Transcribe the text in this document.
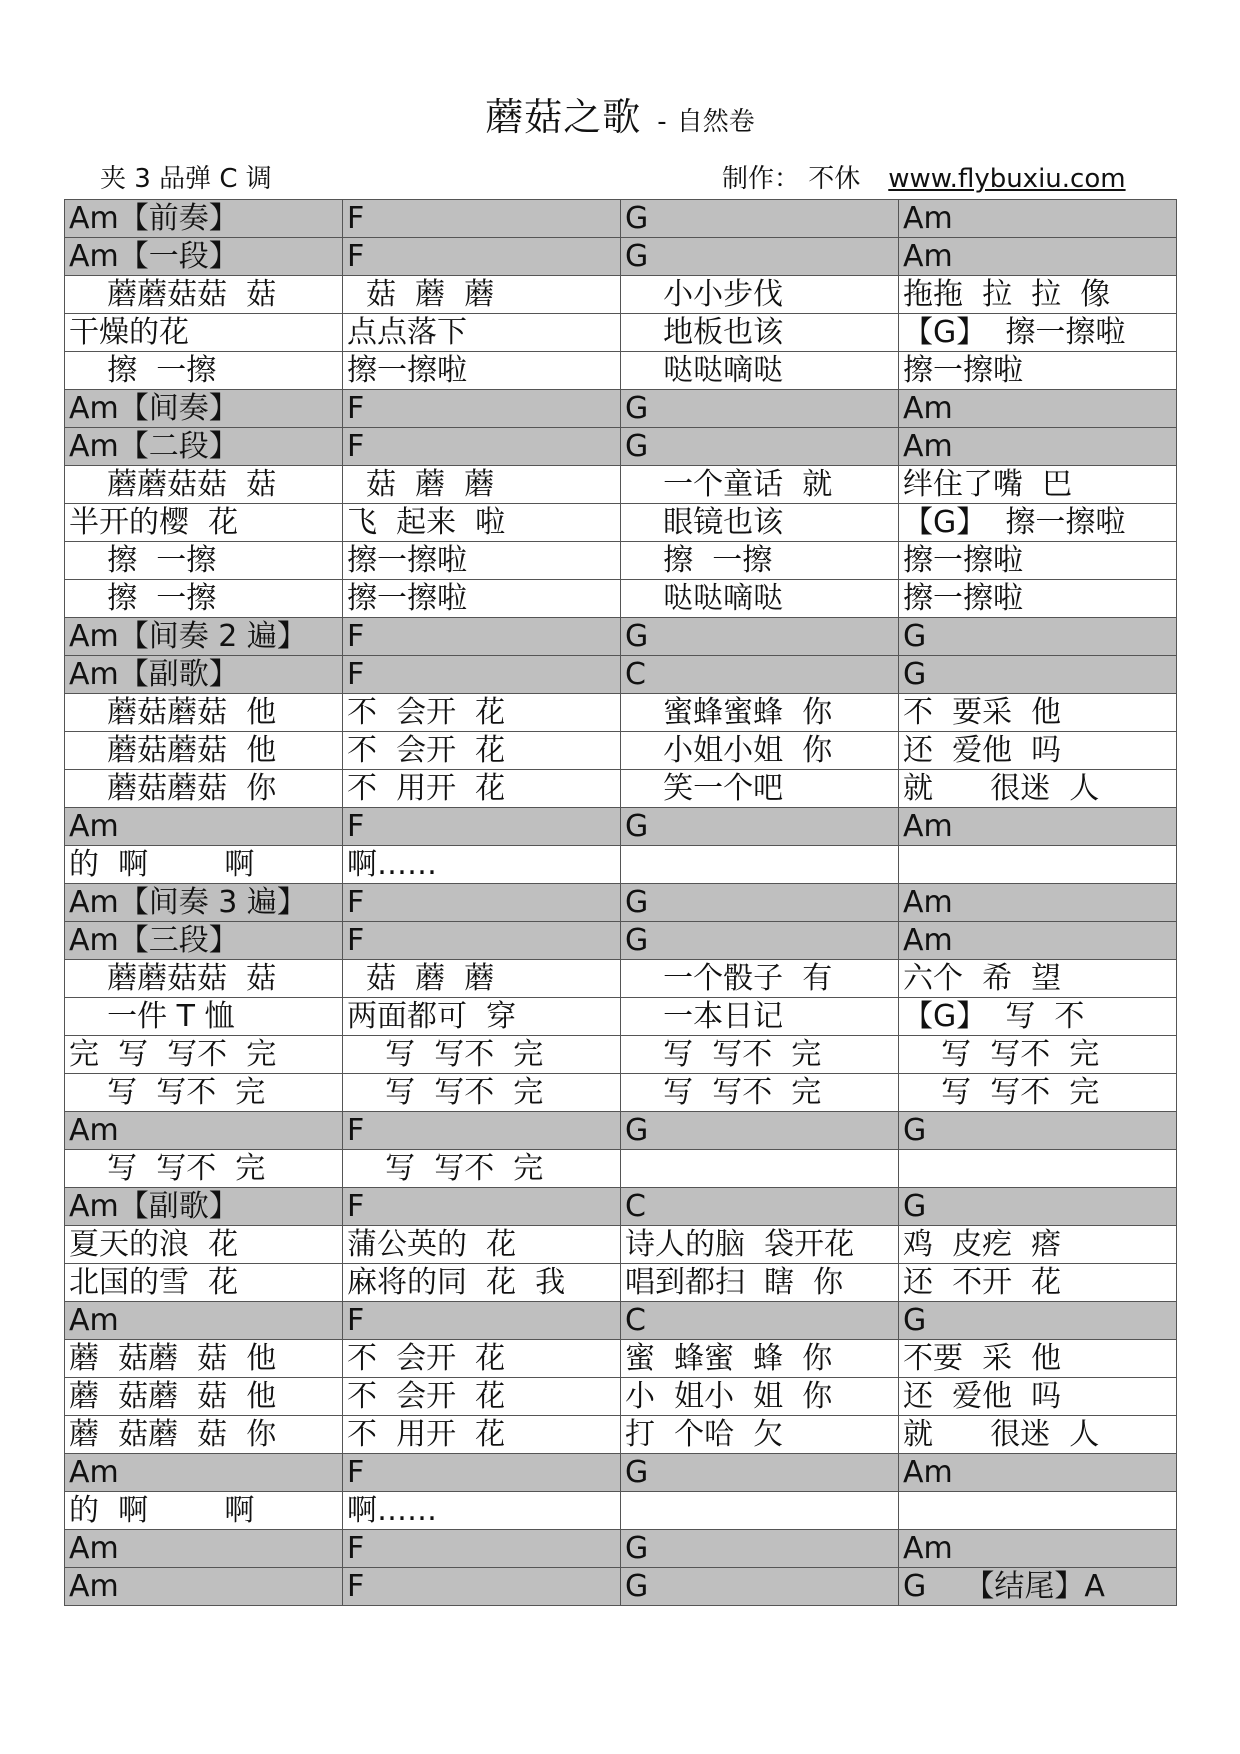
蘑菇之歌 - 自然卷
夹 3 品弹 C 调	制作： 不休 www.flybuxiu.com
Am【前奏】	F	G	Am
Am【一段】	F	G	Am
蘑蘑菇菇  菇	菇  蘑  蘑	小小步伐	拖拖  拉  拉  像
干燥的花	点点落下	地板也该	【G】  擦一擦啦
擦  一擦	擦一擦啦	哒哒嘀哒	擦一擦啦
Am【间奏】	F	G	Am
Am【二段】	F	G	Am
蘑蘑菇菇  菇	菇  蘑  蘑	一个童话  就	绊住了嘴  巴
半开的樱  花	飞  起来  啦	眼镜也该	【G】  擦一擦啦
擦  一擦	擦一擦啦	擦  一擦	擦一擦啦
擦  一擦	擦一擦啦	哒哒嘀哒	擦一擦啦
Am【间奏 2 遍】	F	G	G
Am【副歌】	F	C	G
蘑菇蘑菇  他	不  会开  花	蜜蜂蜜蜂  你	不  要采  他
蘑菇蘑菇  他	不  会开  花	小姐小姐  你	还  爱他  吗
蘑菇蘑菇  你	不  用开  花	笑一个吧	就      很迷  人
Am	F	G	Am
的  啊        啊	啊……		
Am【间奏 3 遍】	F	G	Am
Am【三段】	F	G	Am
蘑蘑菇菇  菇	菇  蘑  蘑	一个骰子  有	六个  希  望
一件 T 恤	两面都可  穿	一本日记	【G】  写  不
完  写  写不  完	写  写不  完	写  写不  完	写  写不  完
写  写不  完	写  写不  完	写  写不  完	写  写不  完
Am	F	G	G
写  写不  完	写  写不  完		
Am【副歌】	F	C	G
夏天的浪  花	蒲公英的  花	诗人的脑  袋开花	鸡  皮疙  瘩
北国的雪  花	麻将的同  花  我	唱到都扫  瞎  你	还  不开  花
Am	F	C	G
蘑  菇蘑  菇  他	不  会开  花	蜜  蜂蜜  蜂  你	不要  采  他
蘑  菇蘑  菇  他	不  会开  花	小  姐小  姐  你	还  爱他  吗
蘑  菇蘑  菇  你	不  用开  花	打  个哈  欠	就      很迷  人
Am	F	G	Am
的  啊        啊	啊……		
Am	F	G	Am
Am	F	G	G    【结尾】A
